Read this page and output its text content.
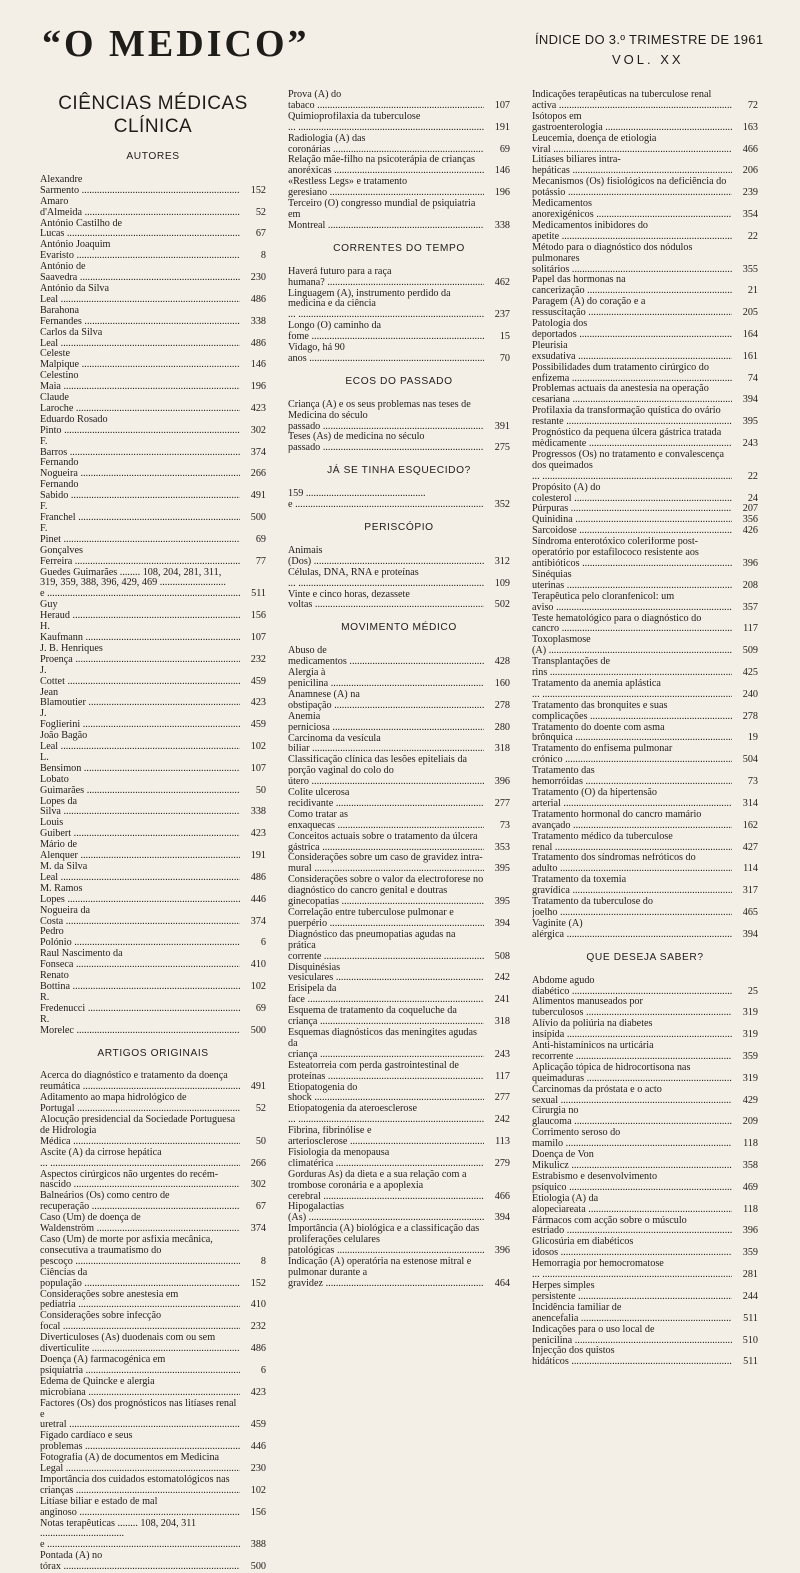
“O MEDICO”	ÍNDICE DO 3.º TRIMESTRE DE 1961
VOL. XX
CIÊNCIAS MÉDICAS
CLÍNICA
AUTORES
Alexandre Sarmento .....	152
Amaro d'Almeida .....	52
António Castilho de Lucas .....	67
António Joaquim Evaristo .....	8
António de Saavedra .....	230
António da Silva Leal .....	486
Barahona Fernandes .....	338
Carlos da Silva Leal .....	486
Celeste Malpique .....	146
Celestino Maia .....	196
Claude Laroche .....	423
Eduardo Rosado Pinto .....	302
F. Barros .....	374
Fernando Nogueira .....	266
Fernando Sabido .....	491
F. Franchel .....	500
F. Pinet .....	69
Gonçalves Ferreira .....	77
Guedes Guimarães ........ 108, 204, 281, 311, 319, 359, 388, 396, 429, 469 .......................... e .....	511
Guy Heraud .....	156
H. Kaufmann .....	107
J. B. Henriques Proença .....	232
J. Cottet .....	459
Jean Blamoutier .....	423
J. Foglierini .....	459
João Bagão Leal .....	102
L. Bensimon .....	107
Lobato Guimarães .....	50
Lopes da Silva .....	338
Louis Guibert .....	423
Mário de Alenquer .....	191
M. da Silva Leal .....	486
M. Ramos Lopes .....	446
Nogueira da Costa .....	374
Pedro Polónio .....	6
Raul Nascimento da Fonseca .....	410
Renato Bottina .....	102
R. Fredenucci .....	69
R. Morelec .....	500
ARTIGOS ORIGINAIS
Acerca do diagnóstico e tratamento da doença reumática .....	491
Aditamento ao mapa hidrológico de Portugal .....	52
Alocução presidencial da Sociedade Portuguesa de Hidrologia Médica .....	50
Ascite (A) da cirrose hepática ... .....	266
Aspectos cirúrgicos não urgentes do recém-nascido .....	302
Balneários (Os) como centro de recuperação .....	67
Caso (Um) de doença de Waldenström .....	374
Caso (Um) de morte por asfixia mecânica, consecutiva a traumatismo do pescoço .....	8
Ciências da população .....	152
Considerações sobre anestesia em pediatria .....	410
Considerações sobre infecção focal .....	232
Diverticuloses (As) duodenais com ou sem diverticulite .....	486
Doença (A) farmacogénica em psiquiatria .....	6
Edema de Quincke e alergia microbiana .....	423
Factores (Os) dos prognósticos nas litíases renal e uretral .....	459
Fígado cardíaco e seus problemas .....	446
Fotografia (A) de documentos em Medicina Legal .....	230
Importância dos cuidados estomatológicos nas crianças .....	102
Litíase biliar e estado de mal anginoso .....	156
Notas terapêuticas ........ 108, 204, 311 ................................. e .....	388
Pontada (A) no tórax .....	500
Prova (A) do tabaco .....	107
Quimioprofilaxia da tuberculose ... .....	191
Radiologia (A) das coronárias .....	69
Relação mãe-filho na psicoterápia de crianças anoréxicas .....	146
«Restless Legs» e tratamento geresiano .....	196
Terceiro (O) congresso mundial de psiquiatria em Montreal .....	338
CORRENTES DO TEMPO
Haverá futuro para a raça humana? .....	462
Linguagem (A), instrumento perdido da medicina e da ciência ... .....	237
Longo (O) caminho da fome .....	15
Vidago, há 90 anos .....	70
ECOS DO PASSADO
Criança (A) e os seus problemas nas teses de Medicina do século passado .....	391
Teses (As) de medicina no século passado .....	275
JÁ SE TINHA ESQUECIDO?
159 ............................................... e .....	352
PERISCÓPIO
Animais (Dos) .....	312
Células, DNA, RNA e proteínas ... .....	109
Vinte e cinco horas, dezassete voltas .....	502
MOVIMENTO MÉDICO
Abuso de medicamentos .....	428
Alergia à penicilina .....	160
Anamnese (A) na obstipação .....	278
Anemia perniciosa .....	280
Carcinoma da vesícula biliar .....	318
Classificação clínica das lesões epiteliais da porção vaginal do colo do útero .....	396
Colite ulcerosa recidivante .....	277
Como tratar as enxaquecas .....	73
Conceitos actuais sobre o tratamento da úlcera gástrica .....	353
Considerações sobre um caso de gravidez intra-mural .....	395
Considerações sobre o valor da electroforese no diagnóstico do cancro genital e doutras ginecopatias .....	395
Correlação entre tuberculose pulmonar e puerpério .....	394
Diagnóstico das pneumopatias agudas na prática corrente .....	508
Disquinésias vesiculares .....	242
Erisipela da face .....	241
Esquema de tratamento da coqueluche da criança .....	318
Esquemas diagnósticos das meningites agudas da criança .....	243
Esteatorreia com perda gastrointestinal de proteínas .....	117
Etiopatogenia do shock .....	277
Etiopatogenia da ateroesclerose ... .....	242
Fibrina, fibrinólise e arteriosclerose .....	113
Fisiologia da menopausa climatérica .....	279
Gorduras As) da dieta e a sua relação com a trombose coronária e a apoplexia cerebral .....	466
Hipogalactias (As) .....	394
Importância (A) biológica e a classificação das proliferações celulares patológicas .....	396
Indicação (A) operatória na estenose mitral e pulmonar durante a gravidez .....	464
Indicações terapêuticas na tuberculose renal activa .....	72
Isótopos em gastroenterologia .....	163
Leucemia, doença de etiologia viral .....	466
Litíases biliares intra-hepáticas .....	206
Mecanismos (Os) fisiológicos na deficiência do potássio .....	239
Medicamentos anorexigénicos .....	354
Medicamentos inibidores do apetite .....	22
Método para o diagnóstico dos nódulos pulmonares solitários .....	355
Papel das hormonas na cancerização .....	21
Paragem (A) do coração e a ressuscitação .....	205
Patologia dos deportados .....	164
Pleurisia exsudativa .....	161
Possibilidades dum tratamento cirúrgico do enfizema .....	74
Problemas actuais da anestesia na operação cesariana .....	394
Profilaxia da transformação quística do ovário restante .....	395
Prognóstico da pequena úlcera gástrica tratada mèdicamente .....	243
Progressos (Os) no tratamento e convalescença dos queimados ... .....	22
Propósito (A) do colesterol .....	24
Púrpuras .....	207
Quinidina .....	356
Sarcoidose .....	426
Síndroma enterotóxico coleriforme post-operatório por estafilococo resistente aos antibióticos .....	396
Sinéquias uterinas .....	208
Terapêutica pelo cloranfenicol: um aviso .....	357
Teste hematológico para o diagnóstico do cancro .....	117
Toxoplasmose (A) .....	509
Transplantações de rins .....	425
Tratamento da anemia aplástica ... .....	240
Tratamento das bronquites e suas complicações .....	278
Tratamento do doente com asma brônquica .....	19
Tratamento do enfisema pulmonar crónico .....	504
Tratamento das hemorróidas .....	73
Tratamento (O) da hipertensão arterial .....	314
Tratamento hormonal do cancro mamário avançado .....	162
Tratamento médico da tuberculose renal .....	427
Tratamento dos síndromas nefróticos do adulto .....	114
Tratamento da toxemia gravídica .....	317
Tratamento da tuberculose do joelho .....	465
Vaginite (A) alérgica .....	394
QUE DESEJA SABER?
Abdome agudo diabético .....	25
Alimentos manuseados por tuberculosos .....	319
Alívio da poliúria na diabetes insípida .....	319
Anti-histamínicos na urticária recorrente .....	359
Aplicação tópica de hidrocortisona nas queimaduras .....	319
Carcinomas da próstata e o acto sexual .....	429
Cirurgia no glaucoma .....	209
Corrimento seroso do mamilo .....	118
Doença de Von Mikulicz .....	358
Estrabismo e desenvolvimento psíquico .....	469
Etiologia (A) da alopeciareata .....	118
Fármacos com acção sobre o músculo estriado .....	396
Glicosúria em diabéticos idosos .....	359
Hemorragia por hemocromatose ... .....	281
Herpes simples persistente .....	244
Incidência familiar de anencefalia .....	511
Indicações para o uso local de penicilina .....	510
Injecção dos quistos hidáticos .....	511
